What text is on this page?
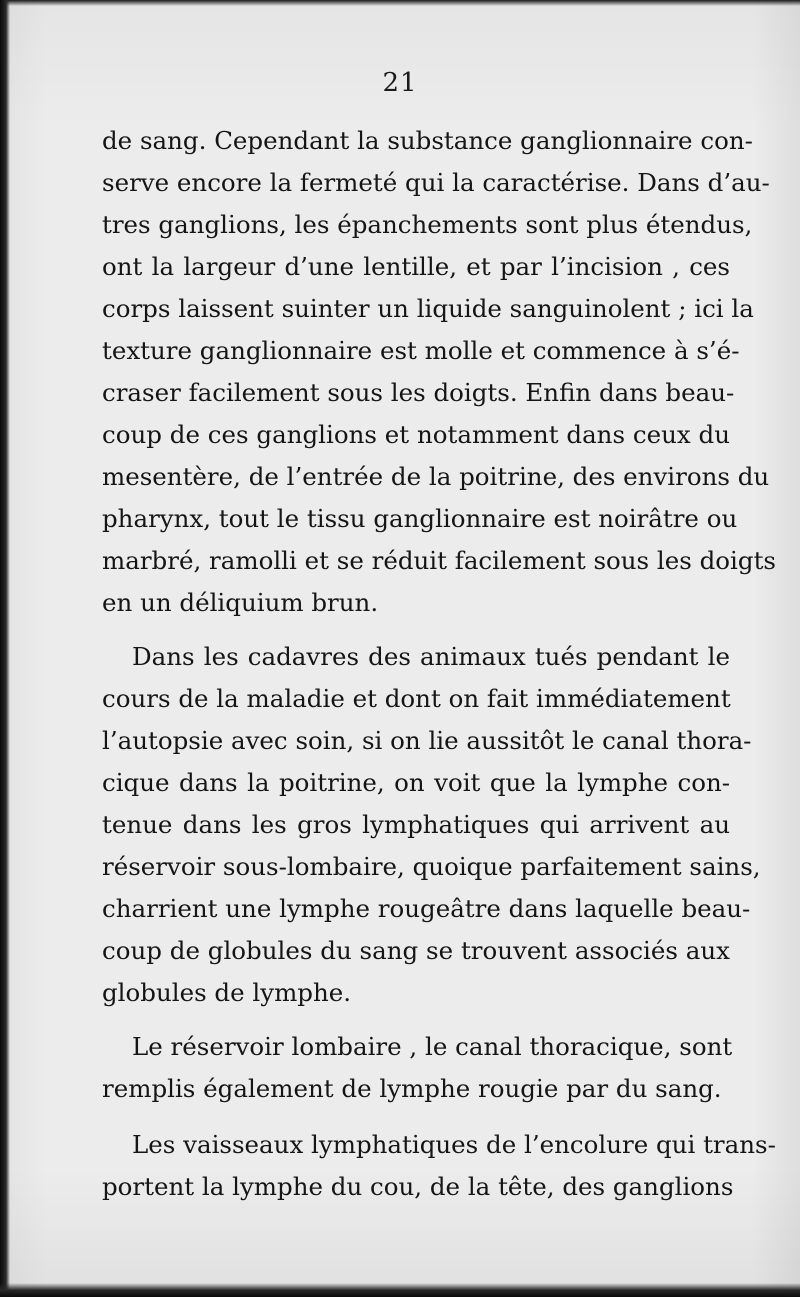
21
de sang. Cependant la substance ganglionnaire con-
serve encore la fermeté qui la caractérise. Dans d’au-
tres ganglions, les épanchements sont plus étendus,
ont la largeur d’une lentille, et par l’incision , ces
corps laissent suinter un liquide sanguinolent ; ici la
texture ganglionnaire est molle et commence à s’é-
craser facilement sous les doigts. Enfin dans beau-
coup de ces ganglions et notamment dans ceux du
mesentère, de l’entrée de la poitrine, des environs du
pharynx, tout le tissu ganglionnaire est noirâtre ou
marbré, ramolli et se réduit facilement sous les doigts
en un déliquium brun.
Dans les cadavres des animaux tués pendant le
cours de la maladie et dont on fait immédiatement
l’autopsie avec soin, si on lie aussitôt le canal thora-
cique dans la poitrine, on voit que la lymphe con-
tenue dans les gros lymphatiques qui arrivent au
réservoir sous-lombaire, quoique parfaitement sains,
charrient une lymphe rougeâtre dans laquelle beau-
coup de globules du sang se trouvent associés aux
globules de lymphe.
Le réservoir lombaire , le canal thoracique, sont
remplis également de lymphe rougie par du sang.
Les vaisseaux lymphatiques de l’encolure qui trans-
portent la lymphe du cou, de la tête, des ganglions
